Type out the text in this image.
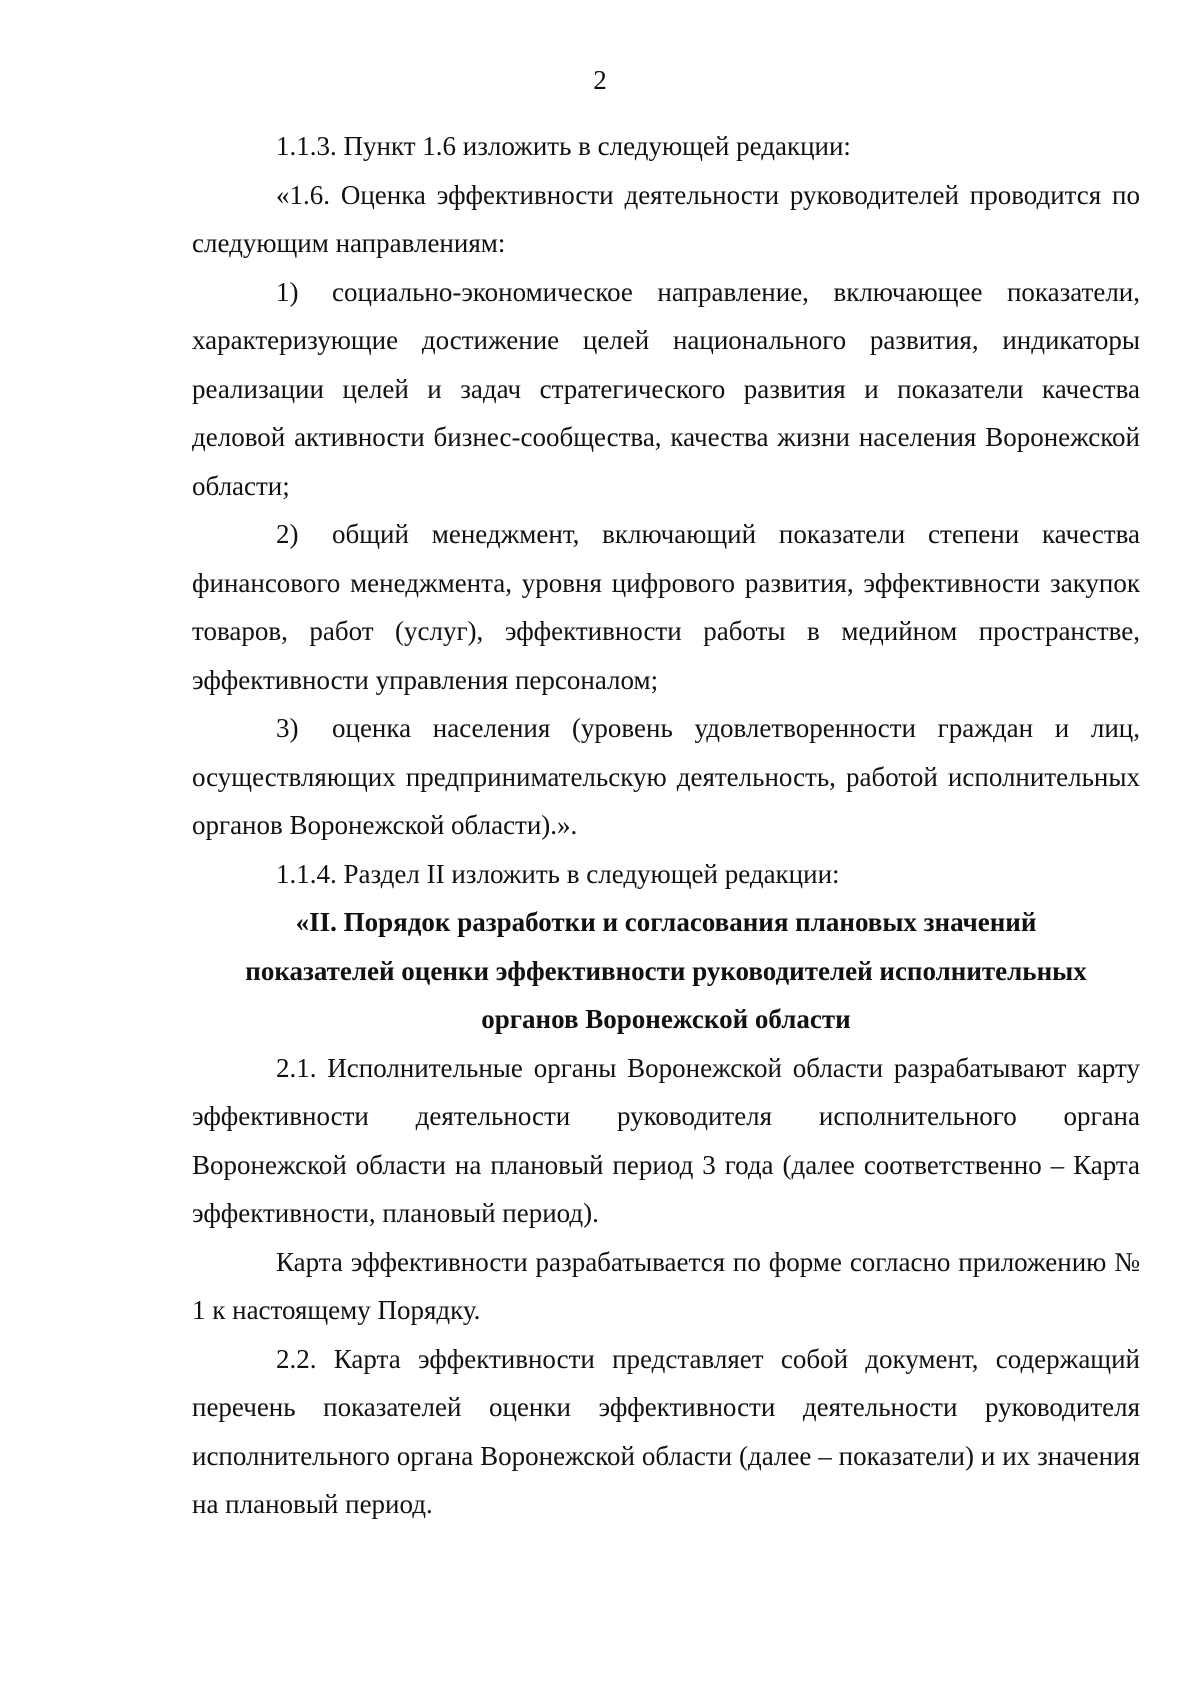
2

1.1.3. Пункт 1.6 изложить в следующей редакции:

«1.6. Оценка эффективности деятельности руководителей проводится по следующим направлениям:

1) социально-экономическое направление, включающее показатели, характеризующие достижение целей национального развития, индикаторы реализации целей и задач стратегического развития и показатели качества деловой активности бизнес-сообщества, качества жизни населения Воронежской области;

2) общий менеджмент, включающий показатели степени качества финансового менеджмента, уровня цифрового развития, эффективности закупок товаров, работ (услуг), эффективности работы в медийном пространстве, эффективности управления персоналом;

3) оценка населения (уровень удовлетворенности граждан и лиц, осуществляющих предпринимательскую деятельность, работой исполнительных органов Воронежской области).».

1.1.4. Раздел II изложить в следующей редакции:

«II. Порядок разработки и согласования плановых значений
показателей оценки эффективности руководителей исполнительных
органов Воронежской области

2.1. Исполнительные органы Воронежской области разрабатывают карту эффективности деятельности руководителя исполнительного органа Воронежской области на плановый период 3 года (далее соответственно – Карта эффективности, плановый период).

Карта эффективности разрабатывается по форме согласно приложению № 1 к настоящему Порядку.

2.2. Карта эффективности представляет собой документ, содержащий перечень показателей оценки эффективности деятельности руководителя исполнительного органа Воронежской области (далее – показатели) и их значения на плановый период.
